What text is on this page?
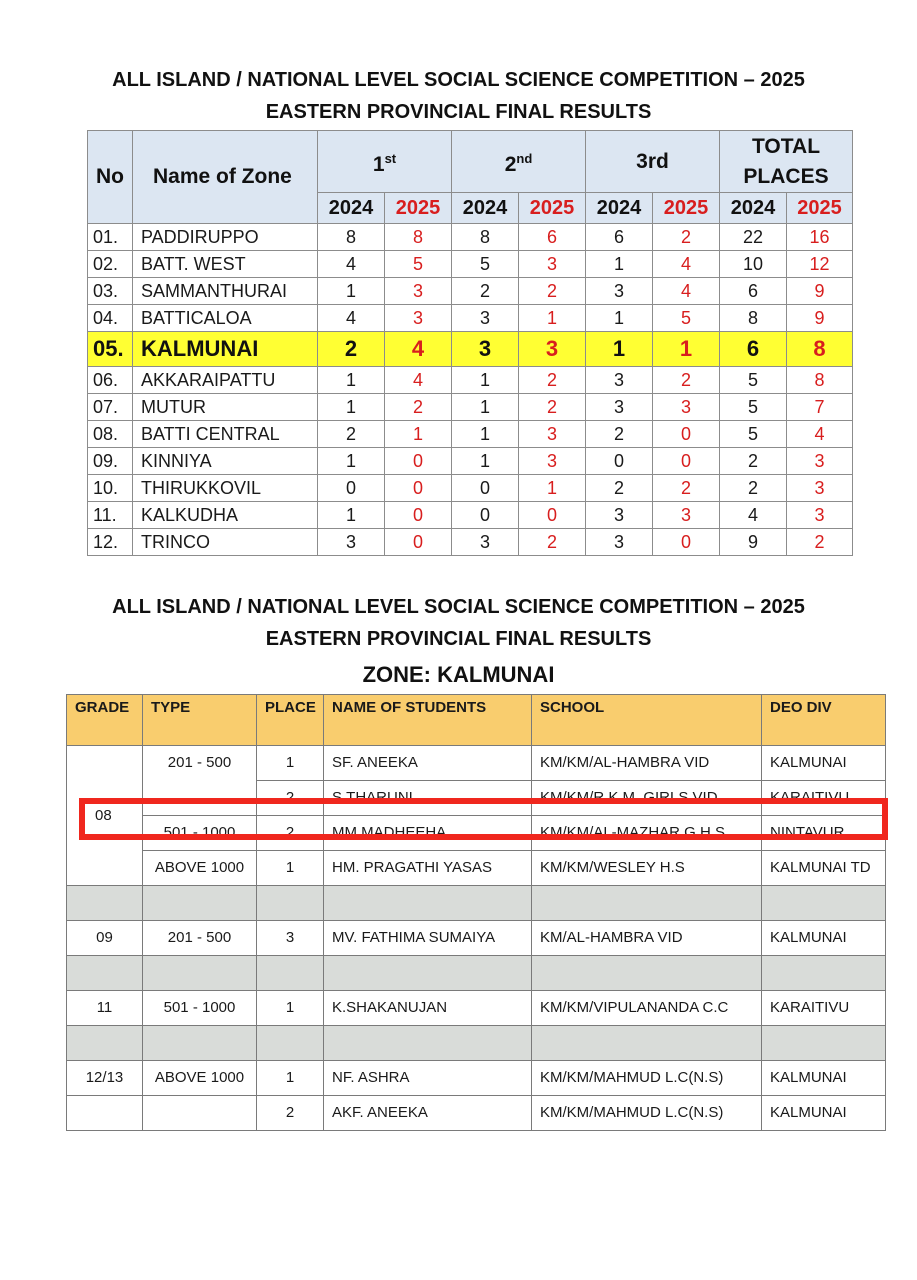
ALL ISLAND / NATIONAL LEVEL SOCIAL SCIENCE COMPETITION – 2025
EASTERN PROVINCIAL FINAL RESULTS
No	Name of Zone	1st		2nd		3rd		TOTAL
PLACES	

		2024	2025	2024	2025	2024	2025	2024	2025
01.	PADDIRUPPO	8	8	8	6	6	2	22	16
02.	BATT. WEST	4	5	5	3	1	4	10	12
03.	SAMMANTHURAI	1	3	2	2	3	4	6	9
04.	BATTICALOA	4	3	3	1	1	5	8	9
05.	KALMUNAI	2	4	3	3	1	1	6	8
06.	AKKARAIPATTU	1	4	1	2	3	2	5	8
07.	MUTUR	1	2	1	2	3	3	5	7
08.	BATTI CENTRAL	2	1	1	3	2	0	5	4
09.	KINNIYA	1	0	1	3	0	0	2	3
10.	THIRUKKOVIL	0	0	0	1	2	2	2	3
11.	KALKUDHA	1	0	0	0	3	3	4	3
12.	TRINCO	3	0	3	2	3	0	9	2
ALL ISLAND / NATIONAL LEVEL SOCIAL SCIENCE COMPETITION – 2025
EASTERN PROVINCIAL FINAL RESULTS
ZONE: KALMUNAI
GRADE	TYPE	PLACE	NAME OF STUDENTS	SCHOOL	DEO DIV
08	201 - 500	1	SF. ANEEKA	KM/KM/AL-HAMBRA VID	KALMUNAI
		2	S.THARUNI	KM/KM/R.K.M. GIRLS VID	KARAITIVU
	501 - 1000	2	MM.MADHEEHA	KM/KM/AL-MAZHAR G.H.S	NINTAVUR
	ABOVE 1000	1	HM. PRAGATHI YASAS	KM/KM/WESLEY H.S	KALMUNAI TD

09	201 - 500	3	MV. FATHIMA SUMAIYA	KM/AL-HAMBRA VID	KALMUNAI

11	501 - 1000	1	K.SHAKANUJAN	KM/KM/VIPULANANDA C.C	KARAITIVU

12/13	ABOVE 1000	1	NF. ASHRA	KM/KM/MAHMUD L.C(N.S)	KALMUNAI
		2	AKF. ANEEKA	KM/KM/MAHMUD L.C(N.S)	KALMUNAI
